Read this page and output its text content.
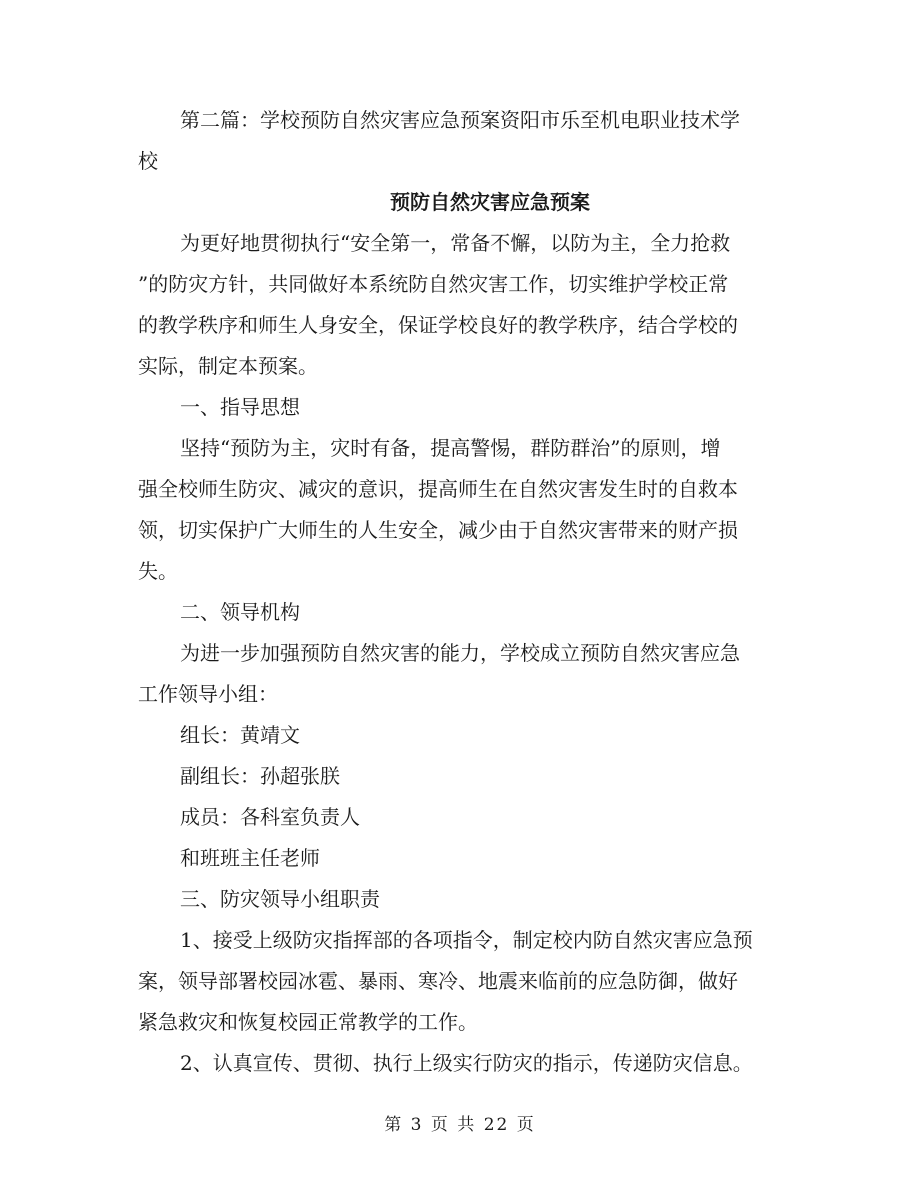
第二篇：学校预防自然灾害应急预案资阳市乐至机电职业技术学
校
预防自然灾害应急预案
为更好地贯彻执行“安全第一，常备不懈，以防为主，全力抢救
”的防灾方针，共同做好本系统防自然灾害工作，切实维护学校正常
的教学秩序和师生人身安全，保证学校良好的教学秩序，结合学校的
实际，制定本预案。
一、指导思想
坚持“预防为主，灾时有备，提高警惕，群防群治”的原则，增
强全校师生防灾、减灾的意识，提高师生在自然灾害发生时的自救本
领，切实保护广大师生的人生安全，减少由于自然灾害带来的财产损
失。
二、领导机构
为进一步加强预防自然灾害的能力，学校成立预防自然灾害应急
工作领导小组：
组长：黄靖文
副组长：孙超张朕
成员：各科室负责人
和班班主任老师
三、防灾领导小组职责
1、接受上级防灾指挥部的各项指令，制定校内防自然灾害应急预
案，领导部署校园冰雹、暴雨、寒冷、地震来临前的应急防御，做好
紧急救灾和恢复校园正常教学的工作。
2、认真宣传、贯彻、执行上级实行防灾的指示，传递防灾信息。
第 3 页 共 22 页
